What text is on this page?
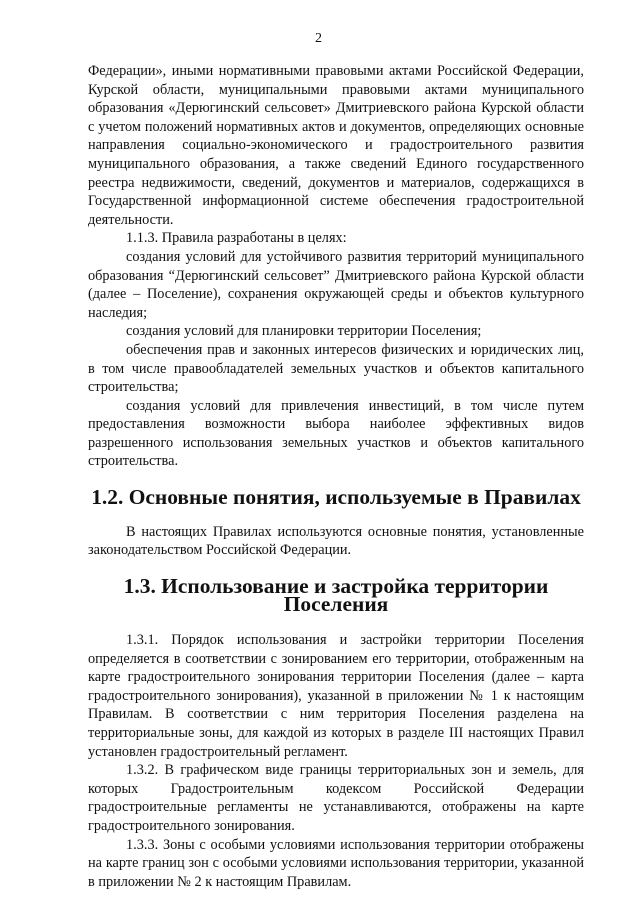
2

Федерации», иными нормативными правовыми актами Российской Федерации, Курской области, муниципальными правовыми актами муниципального образования «Дерюгинский сельсовет» Дмитриевского района Курской области с учетом положений нормативных актов и документов, определяющих основные направления социально-экономического и градостроительного развития муниципального образования, а также сведений Единого государственного реестра недвижимости, сведений, документов и материалов, содержащихся в Государственной информационной системе обеспечения градостроительной деятельности.

1.1.3. Правила разработаны в целях:

создания условий для устойчивого развития территорий муниципального образования “Дерюгинский сельсовет” Дмитриевского района Курской области (далее – Поселение), сохранения окружающей среды и объектов культурного наследия;

создания условий для планировки территории Поселения;

обеспечения прав и законных интересов физических и юридических лиц, в том числе правообладателей земельных участков и объектов капитального строительства;

создания условий для привлечения инвестиций, в том числе путем предоставления возможности выбора наиболее эффективных видов разрешенного использования земельных участков и объектов капитального строительства.

1.2. Основные понятия, используемые в Правилах

В настоящих Правилах используются основные понятия, установленные законодательством Российской Федерации.

1.3. Использование и застройка территории Поселения

1.3.1. Порядок использования и застройки территории Поселения определяется в соответствии с зонированием его территории, отображенным на карте градостроительного зонирования территории Поселения (далее – карта градостроительного зонирования), указанной в приложении № 1 к настоящим Правилам. В соответствии с ним территория Поселения разделена на территориальные зоны, для каждой из которых в разделе III настоящих Правил установлен градостроительный регламент.

1.3.2. В графическом виде границы территориальных зон и земель, для которых Градостроительным кодексом Российской Федерации градостроительные регламенты не устанавливаются, отображены на карте градостроительного зонирования.

1.3.3. Зоны с особыми условиями использования территории отображены на карте границ зон с особыми условиями использования территории, указанной в приложении № 2 к настоящим Правилам.
